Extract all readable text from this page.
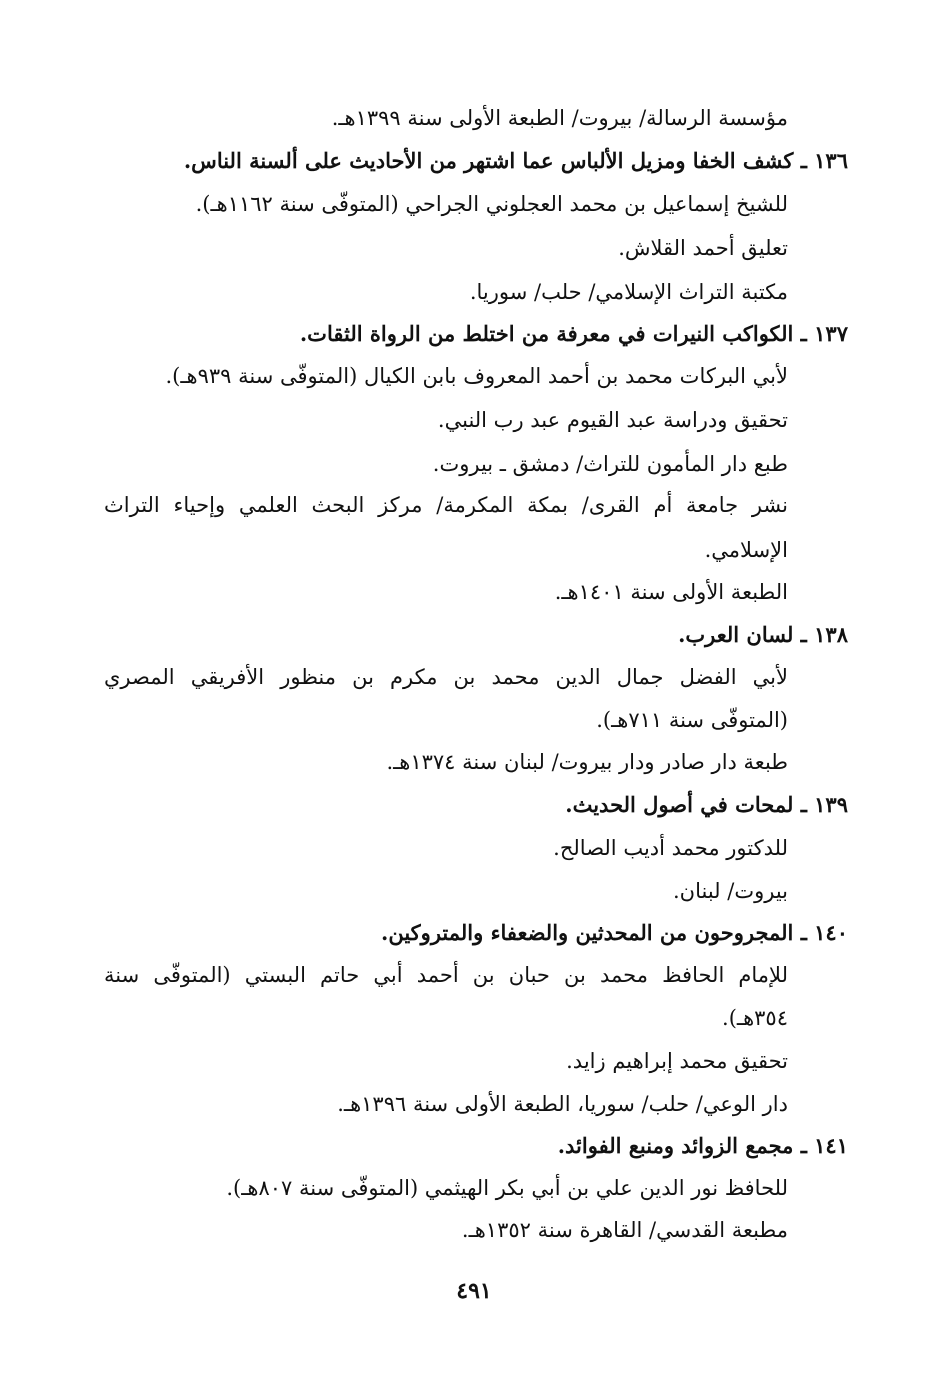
مؤسسة الرسالة/ بيروت/ الطبعة الأولى سنة ١٣٩٩هـ.
١٣٦ ـ كشف الخفا ومزيل الألباس عما اشتهر من الأحاديث على ألسنة الناس.
للشيخ إسماعيل بن محمد العجلوني الجراحي (المتوفّى سنة ١١٦٢هـ).
تعليق أحمد القلاش.
مكتبة التراث الإسلامي/ حلب/ سوريا.
١٣٧ ـ الكواكب النيرات في معرفة من اختلط من الرواة الثقات.
لأبي البركات محمد بن أحمد المعروف بابن الكيال (المتوفّى سنة ٩٣٩هـ).
تحقيق ودراسة عبد القيوم عبد رب النبي.
طبع دار المأمون للتراث/ دمشق ـ بيروت.
نشر جامعة أم القرى/ بمكة المكرمة/ مركز البحث العلمي وإحياء التراث
الإسلامي.
الطبعة الأولى سنة ١٤٠١هـ.
١٣٨ ـ لسان العرب.
لأبي الفضل جمال الدين محمد بن مكرم بن منظور الأفريقي المصري
(المتوفّى سنة ٧١١هـ).
طبعة دار صادر ودار بيروت/ لبنان سنة ١٣٧٤هـ.
١٣٩ ـ لمحات في أصول الحديث.
للدكتور محمد أديب الصالح.
بيروت/ لبنان.
١٤٠ ـ المجروحون من المحدثين والضعفاء والمتروكين.
للإمام الحافظ محمد بن حبان بن أحمد أبي حاتم البستي (المتوفّى سنة
٣٥٤هـ).
تحقيق محمد إبراهيم زايد.
دار الوعي/ حلب/ سوريا، الطبعة الأولى سنة ١٣٩٦هـ.
١٤١ ـ مجمع الزوائد ومنبع الفوائد.
للحافظ نور الدين علي بن أبي بكر الهيثمي (المتوفّى سنة ٨٠٧هـ).
مطبعة القدسي/ القاهرة سنة ١٣٥٢هـ.
٤٩١
